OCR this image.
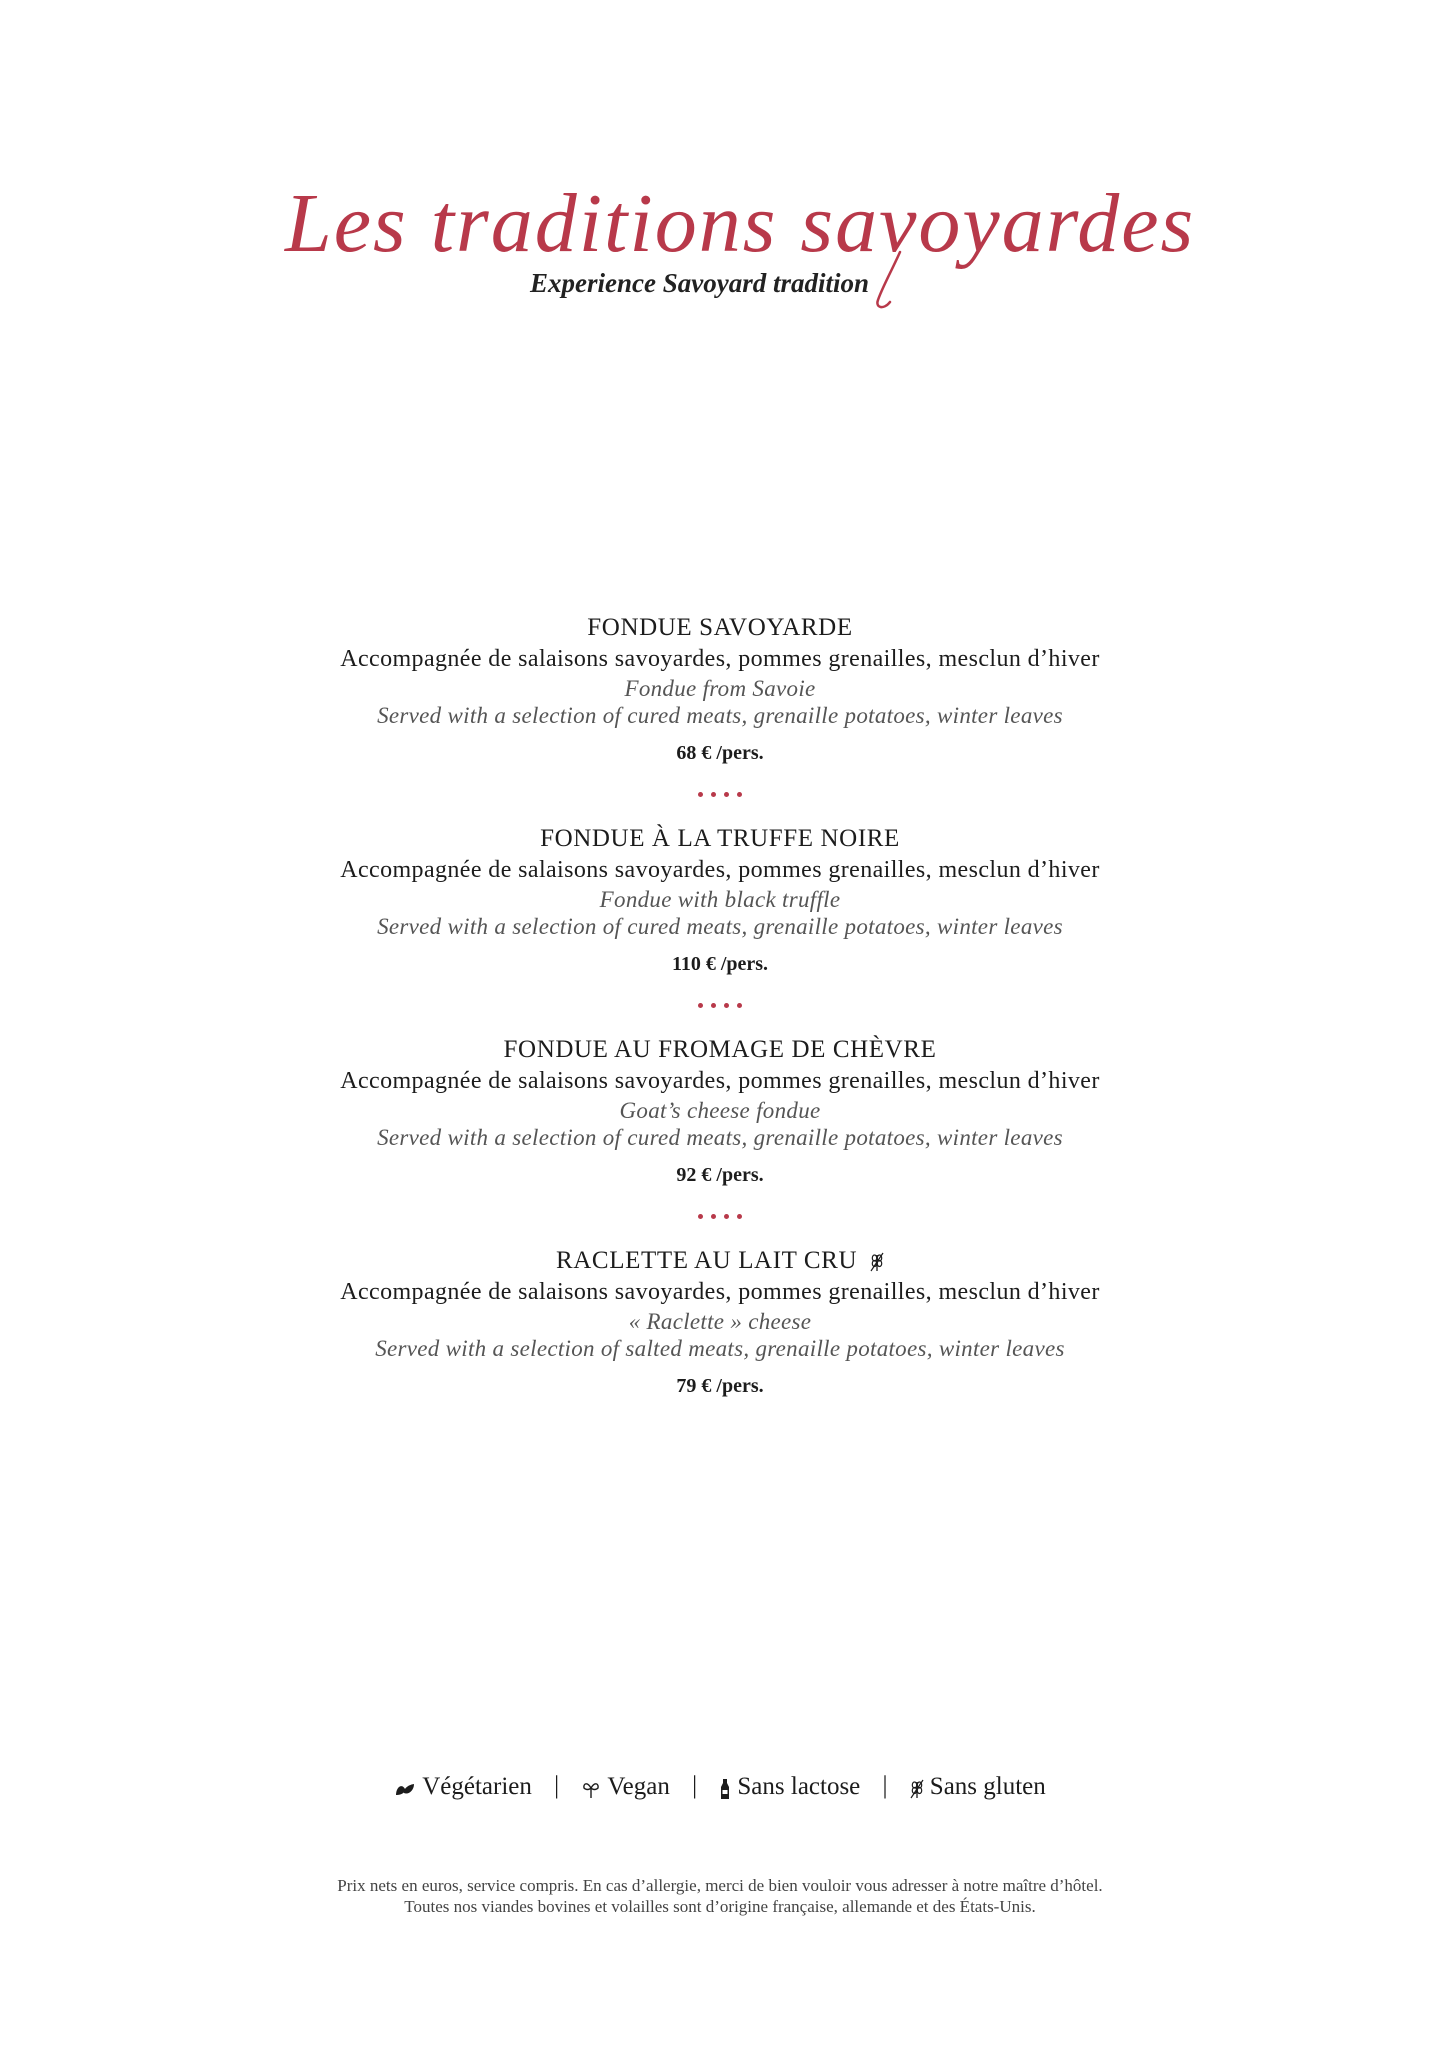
Les traditions savoyardes
Experience Savoyard tradition
FONDUE SAVOYARDE
Accompagnée de salaisons savoyardes, pommes grenailles, mesclun d’hiver
Fondue from Savoie
Served with a selection of cured meats, grenaille potatoes, winter leaves
68 € /pers.
FONDUE À LA TRUFFE NOIRE
Accompagnée de salaisons savoyardes, pommes grenailles, mesclun d’hiver
Fondue with black truffle
Served with a selection of cured meats, grenaille potatoes, winter leaves
110 € /pers.
FONDUE AU FROMAGE DE CHÈVRE
Accompagnée de salaisons savoyardes, pommes grenailles, mesclun d’hiver
Goat’s cheese fondue
Served with a selection of cured meats, grenaille potatoes, winter leaves
92 € /pers.
RACLETTE AU LAIT CRU
Accompagnée de salaisons savoyardes, pommes grenailles, mesclun d’hiver
« Raclette » cheese
Served with a selection of salted meats, grenaille potatoes, winter leaves
79 € /pers.
Végétarien | Vegan | Sans lactose | Sans gluten
Prix nets en euros, service compris. En cas d’allergie, merci de bien vouloir vous adresser à notre maître d’hôtel.
Toutes nos viandes bovines et volailles sont d’origine française, allemande et des États-Unis.
